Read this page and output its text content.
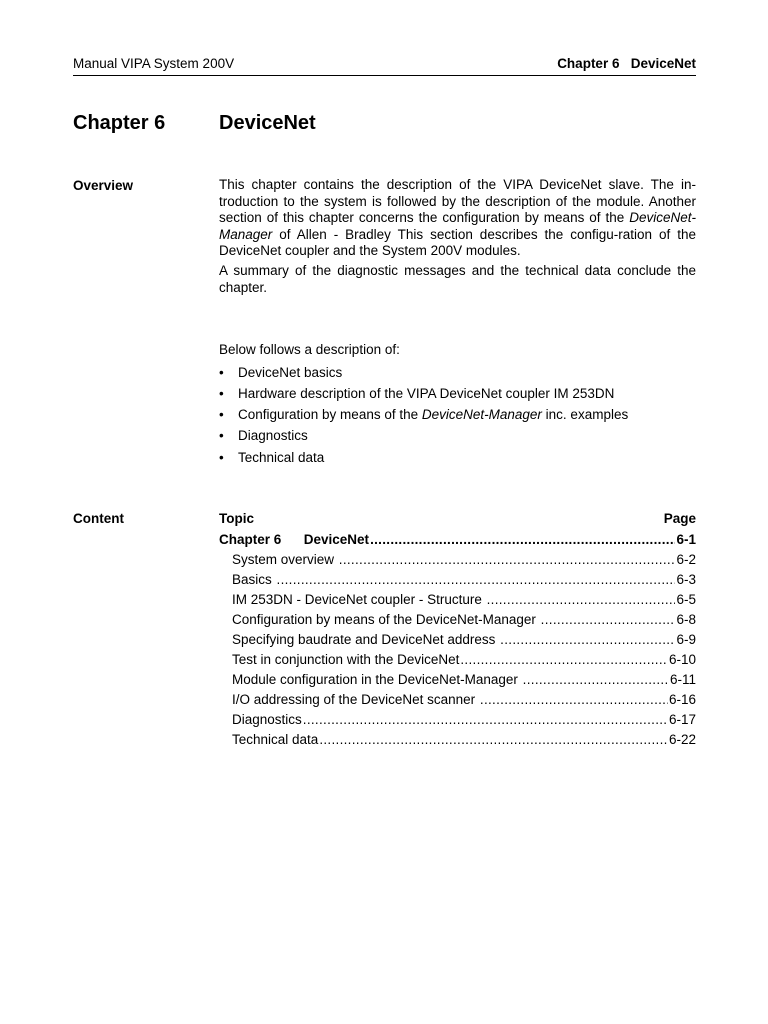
Manual VIPA System 200V	Chapter 6   DeviceNet
Chapter 6	DeviceNet
Overview	This chapter contains the description of the VIPA DeviceNet slave. The in-troduction to the system is followed by the description of the module. Another section of this chapter concerns the configuration by means of the DeviceNet-Manager of Allen - Bradley This section describes the configu-ration of the DeviceNet coupler and the System 200V modules.

A summary of the diagnostic messages and the technical data conclude the chapter.

Below follows a description of:

• DeviceNet basics
• Hardware description of the VIPA DeviceNet coupler IM 253DN
• Configuration by means of the DeviceNet-Manager inc. examples
• Diagnostics
• Technical data
Content	Topic	Page
Chapter 6      DeviceNet .....	6-1
System overview .....	6-2
Basics .....	6-3
IM 253DN - DeviceNet coupler - Structure .....	6-5
Configuration by means of the DeviceNet-Manager .....	6-8
Specifying baudrate and DeviceNet address .....	6-9
Test in conjunction with the DeviceNet .....	6-10
Module configuration in the DeviceNet-Manager .....	6-11
I/O addressing of the DeviceNet scanner .....	6-16
Diagnostics .....	6-17
Technical data .....	6-22
